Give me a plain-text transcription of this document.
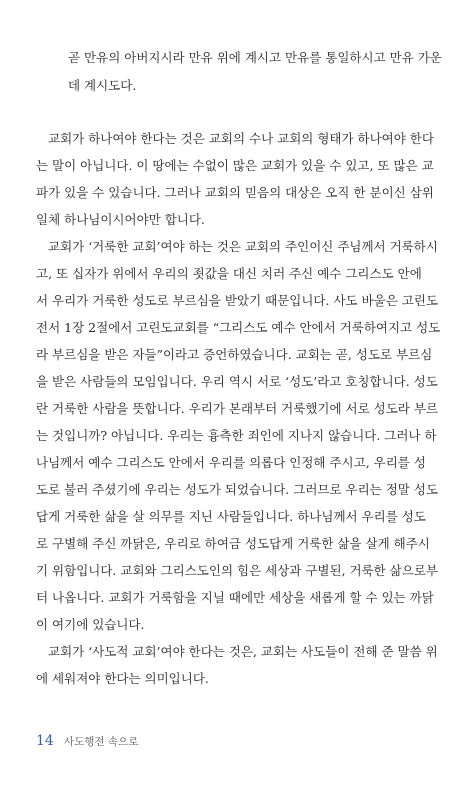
곧 만유의 아버지시라 만유 위에 계시고 만유를 통일하시고 만유 가운
데 계시도다.
교회가 하나여야 한다는 것은 교회의 수나 교회의 형태가 하나여야 한다
는 말이 아닙니다. 이 땅에는 수없이 많은 교회가 있을 수 있고, 또 많은 교
파가 있을 수 있습니다. 그러나 교회의 믿음의 대상은 오직 한 분이신 삼위
일체 하나님이시어야만 합니다.
교회가 ‘거룩한 교회’여야 하는 것은 교회의 주인이신 주님께서 거룩하시
고, 또 십자가 위에서 우리의 죗값을 대신 치러 주신 예수 그리스도 안에
서 우리가 거룩한 성도로 부르심을 받았기 때문입니다. 사도 바울은 고린도
전서 1장 2절에서 고린도교회를 “그리스도 예수 안에서 거룩하여지고 성도
라 부르심을 받은 자들”이라고 증언하였습니다. 교회는 곧, 성도로 부르심
을 받은 사람들의 모임입니다. 우리 역시 서로 ‘성도’라고 호칭합니다. 성도
란 거룩한 사람을 뜻합니다. 우리가 본래부터 거룩했기에 서로 성도라 부르
는 것입니까? 아닙니다. 우리는 흉측한 죄인에 지나지 않습니다. 그러나 하
나님께서 예수 그리스도 안에서 우리를 의롭다 인정해 주시고, 우리를 성
도로 불러 주셨기에 우리는 성도가 되었습니다. 그러므로 우리는 정말 성도
답게 거룩한 삶을 살 의무를 지닌 사람들입니다. 하나님께서 우리를 성도
로 구별해 주신 까닭은, 우리로 하여금 성도답게 거룩한 삶을 살게 해주시
기 위함입니다. 교회와 그리스도인의 힘은 세상과 구별된, 거룩한 삶으로부
터 나옵니다. 교회가 거룩함을 지닐 때에만 세상을 새롭게 할 수 있는 까닭
이 여기에 있습니다.
교회가 ‘사도적 교회’여야 한다는 것은, 교회는 사도들이 전해 준 말씀 위
에 세워져야 한다는 의미입니다.
14 사도행전 속으로
